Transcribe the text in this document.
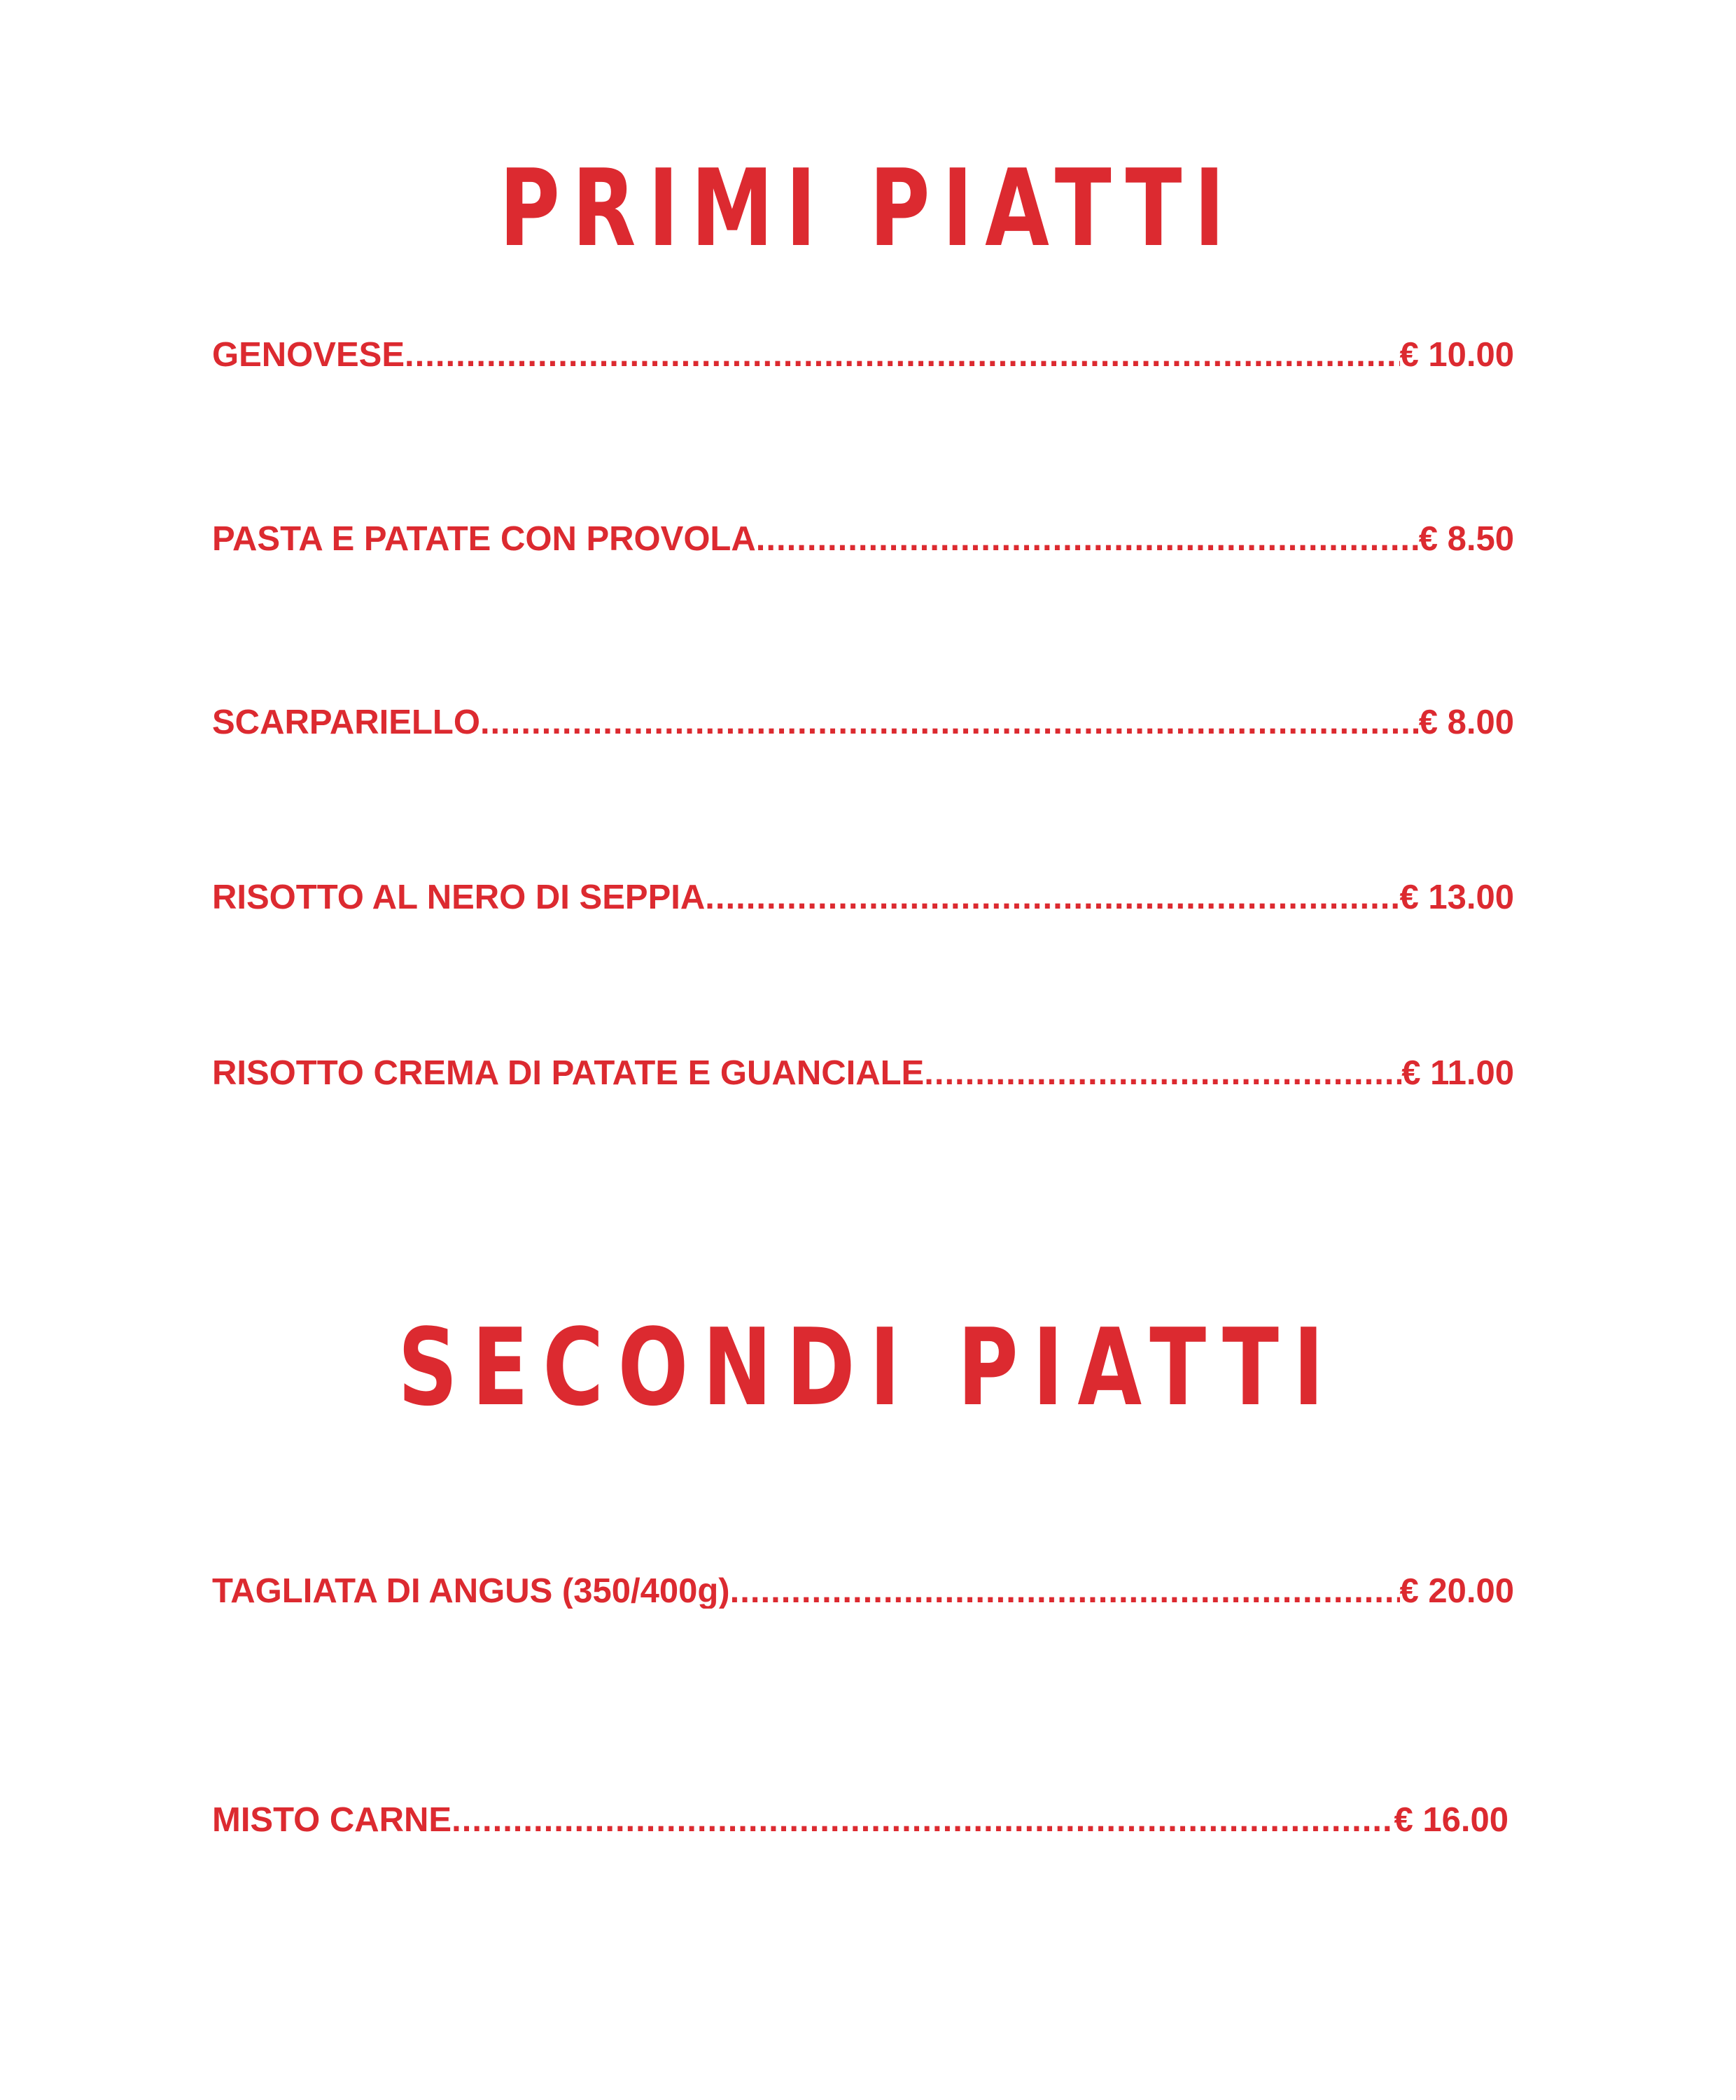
PRIMI PIATTI
GENOVESE .....	€ 10.00
PASTA E PATATE CON PROVOLA .....	€ 8.50
SCARPARIELLO .....	€ 8.00
RISOTTO AL NERO DI SEPPIA .....	€ 13.00
RISOTTO CREMA DI PATATE E GUANCIALE .....	€ 11.00
SECONDI PIATTI
TAGLIATA DI ANGUS (350/400g) .....	€ 20.00
MISTO CARNE .....	€ 16.00
